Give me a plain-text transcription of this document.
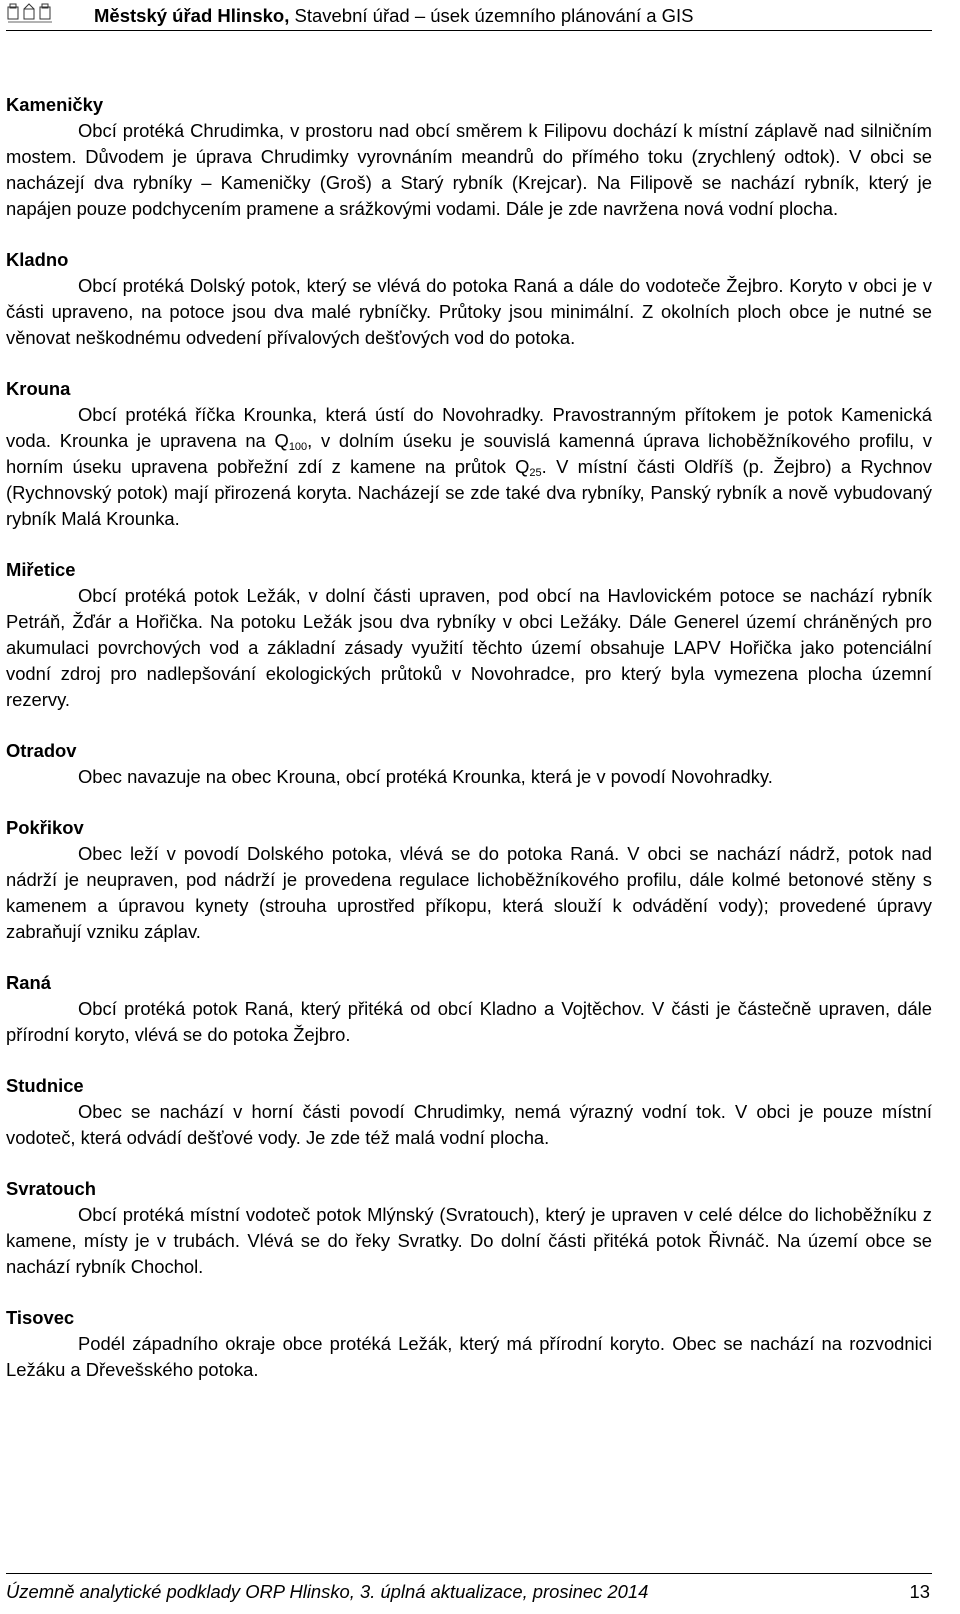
Městský úřad Hlinsko, Stavební úřad – úsek územního plánování a GIS
Kameničky

Obcí protéká Chrudimka, v prostoru nad obcí směrem k Filipovu dochází k místní záplavě nad silničním mostem. Důvodem je úprava Chrudimky vyrovnáním meandrů do přímého toku (zrychlený odtok). V obci se nacházejí dva rybníky – Kameničky (Groš) a Starý rybník (Krejcar). Na Filipově se nachází rybník, který je napájen pouze podchycením pramene a srážkovými vodami. Dále je zde navržena nová vodní plocha.

Kladno

Obcí protéká Dolský potok, který se vlévá do potoka Raná a dále do vodoteče Žejbro. Koryto v obci je v části upraveno, na potoce jsou dva malé rybníčky. Průtoky jsou minimální. Z okolních ploch obce je nutné se věnovat neškodnému odvedení přívalových dešťových vod do potoka.

Krouna

Obcí protéká říčka Krounka, která ústí do Novohradky. Pravostranným přítokem je potok Kamenická voda. Krounka je upravena na $Q_{100}$, v dolním úseku je souvislá kamenná úprava lichoběžníkového profilu, v horním úseku upravena pobřežní zdí z kamene na průtok $Q_{25}$. V místní části Oldříš (p. Žejbro) a Rychnov (Rychnovský potok) mají přirozená koryta. Nacházejí se zde také dva rybníky, Panský rybník a nově vybudovaný rybník Malá Krounka.

Miřetice

Obcí protéká potok Ležák, v dolní části upraven, pod obcí na Havlovickém potoce se nachází rybník Petráň, Žďár a Hořička. Na potoku Ležák jsou dva rybníky v obci Ležáky. Dále Generel území chráněných pro akumulaci povrchových vod a základní zásady využití těchto území obsahuje LAPV Hořička jako potenciální vodní zdroj pro nadlepšování ekologických průtoků v Novohradce, pro který byla vymezena plocha územní rezervy.

Otradov

Obec navazuje na obec Krouna, obcí protéká Krounka, která je v povodí Novohradky.

Pokřikov

Obec leží v povodí Dolského potoka, vlévá se do potoka Raná. V obci se nachází nádrž, potok nad nádrží je neupraven, pod nádrží je provedena regulace lichoběžníkového profilu, dále kolmé betonové stěny s kamenem a úpravou kynety (strouha uprostřed příkopu, která slouží k odvádění vody); provedené úpravy zabraňují vzniku záplav.

Raná

Obcí protéká potok Raná, který přitéká od obcí Kladno a Vojtěchov. V části je částečně upraven, dále přírodní koryto, vlévá se do potoka Žejbro.

Studnice

Obec se nachází v horní části povodí Chrudimky, nemá výrazný vodní tok. V obci je pouze místní vodoteč, která odvádí dešťové vody. Je zde též malá vodní plocha.

Svratouch

Obcí protéká místní vodoteč potok Mlýnský (Svratouch), který je upraven v celé délce do lichoběžníku z kamene, místy je v trubách. Vlévá se do řeky Svratky. Do dolní části přitéká potok Řivnáč. Na území obce se nachází rybník Chochol.

Tisovec

Podél západního okraje obce protéká Ležák, který má přírodní koryto. Obec se nachází na rozvodnici Ležáku a Dřevešského potoka.

Územně analytické podklady ORP Hlinsko, 3. úplná aktualizace, prosinec 2014	13
